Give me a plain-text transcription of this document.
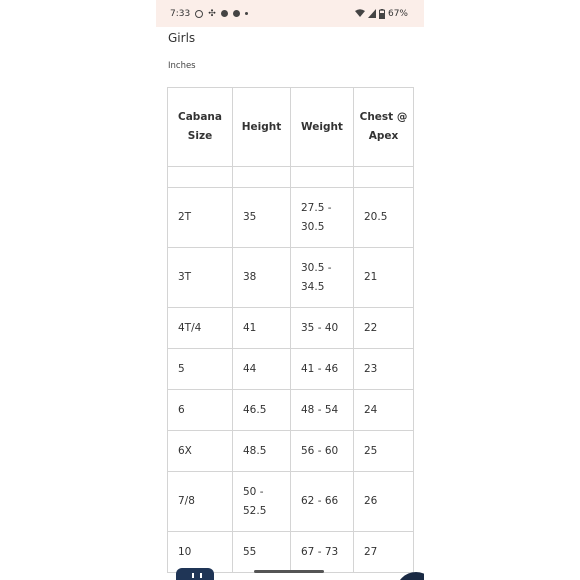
7:33 ✣	67%
Girls
Inches
Cabana Size	Height	Weight	Chest @ Apex

2T	35	27.5 - 30.5	20.5
3T	38	30.5 - 34.5	21
4T/4	41	35 - 40	22
5	44	41 - 46	23
6	46.5	48 - 54	24
6X	48.5	56 - 60	25
7/8	50 - 52.5	62 - 66	26
10	55	67 - 73	27
